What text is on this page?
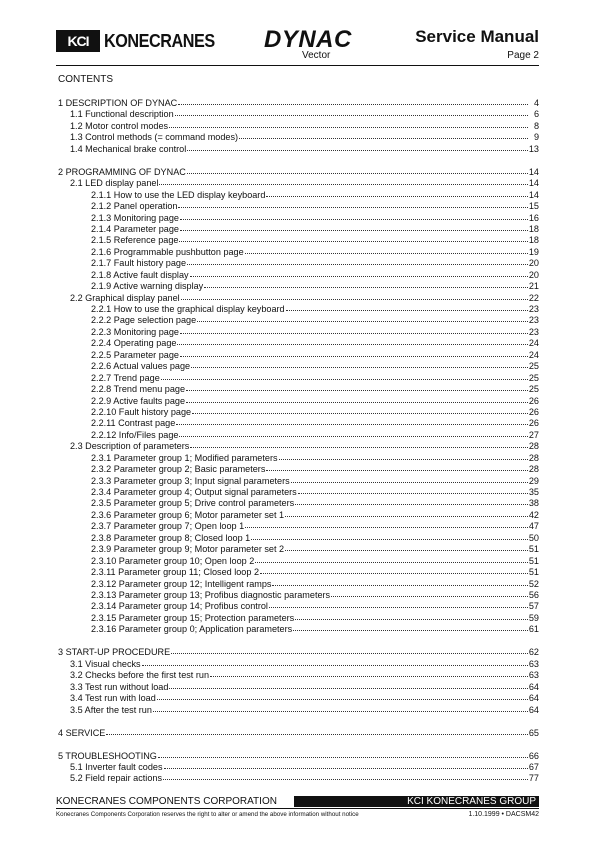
KCI KONECRANES DYNAC
Vector
Service Manual
Page 2
CONTENTS
1 DESCRIPTION OF DYNAC	4
1.1 Functional description	6
1.2 Motor control modes	8
1.3 Control methods (= command modes)	9
1.4 Mechanical brake control	13
2 PROGRAMMING OF DYNAC	14
2.1 LED display panel	14
2.1.1 How to use the LED display keyboard	14
2.1.2 Panel operation	15
2.1.3 Monitoring page	16
2.1.4 Parameter page	18
2.1.5 Reference page	18
2.1.6 Programmable pushbutton page	19
2.1.7 Fault history page	20
2.1.8 Active fault display	20
2.1.9 Active warning display	21
2.2 Graphical display panel	22
2.2.1 How to use the graphical display keyboard	23
2.2.2 Page selection page	23
2.2.3 Monitoring page	23
2.2.4 Operating page	24
2.2.5 Parameter page	24
2.2.6 Actual values page	25
2.2.7 Trend page	25
2.2.8 Trend menu page	25
2.2.9 Active faults page	26
2.2.10 Fault history page	26
2.2.11 Contrast page	26
2.2.12 Info/Files page	27
2.3 Description of parameters	28
2.3.1 Parameter group 1; Modified parameters	28
2.3.2 Parameter group 2; Basic parameters	28
2.3.3 Parameter group 3; Input signal parameters	29
2.3.4 Parameter group 4; Output signal parameters	35
2.3.5 Parameter group 5; Drive control parameters	38
2.3.6 Parameter group 6; Motor parameter set 1	42
2.3.7 Parameter group 7; Open loop 1	47
2.3.8 Parameter group 8; Closed loop 1	50
2.3.9 Parameter group 9; Motor parameter set 2	51
2.3.10 Parameter group 10; Open loop 2	51
2.3.11 Parameter group 11; Closed loop 2	51
2.3.12 Parameter group 12; Intelligent ramps	52
2.3.13 Parameter group 13; Profibus diagnostic parameters	56
2.3.14 Parameter group 14; Profibus control	57
2.3.15 Parameter group 15; Protection parameters	59
2.3.16 Parameter group 0; Application parameters	61
3 START-UP PROCEDURE	62
3.1 Visual checks	63
3.2 Checks before the first test run	63
3.3 Test run without load	64
3.4 Test run with load	64
3.5 After the test run	64
4 SERVICE	65
5 TROUBLESHOOTING	66
5.1 Inverter fault codes	67
5.2 Field repair actions	77
KONECRANES COMPONENTS CORPORATION	KCI KONECRANES GROUP
Konecranes Components Corporation reserves the right to alter or amend the above information without notice	1.10.1999 • DACSM42
